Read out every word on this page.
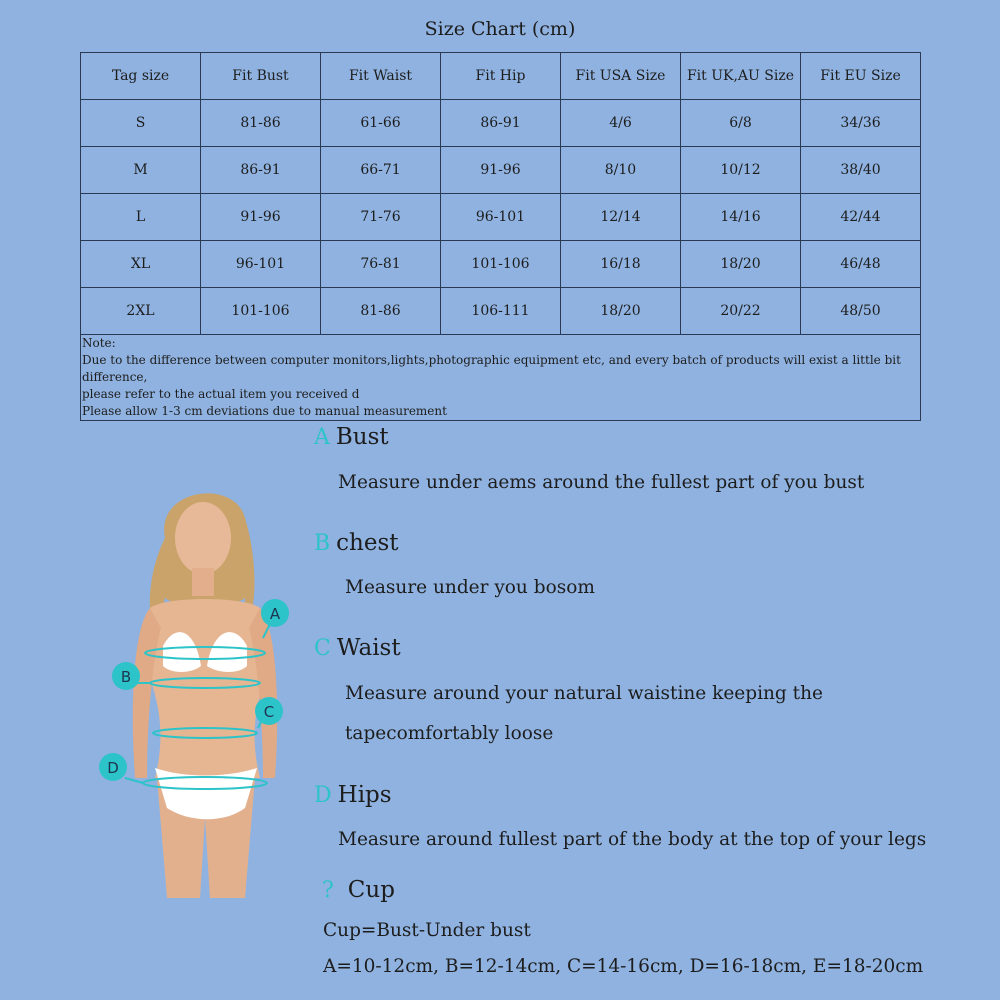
Size Chart (cm)
Tag size	Fit Bust	Fit Waist	Fit Hip	Fit USA Size	Fit UK,AU Size	Fit EU Size
S	81-86	61-66	86-91	4/6	6/8	34/36
M	86-91	66-71	91-96	8/10	10/12	38/40
L	91-96	71-76	96-101	12/14	14/16	42/44
XL	96-101	76-81	101-106	16/18	18/20	46/48
2XL	101-106	81-86	106-111	18/20	20/22	48/50

Note:
Due to the difference between computer monitors,lights,photographic equipment etc, and every batch of products will exist a little bit difference,
please refer to the actual item you received d
Please allow 1-3 cm deviations due to manual measurement						
A
B
C
D
A Bust
Measure under aems around the fullest part of you bust
B chest
Measure under you bosom
C Waist
Measure around your natural waistine keeping the
tapecomfortably loose
D Hips
Measure around fullest part of the body at the top of your legs
? Cup
Cup=Bust-Under bust
A=10-12cm, B=12-14cm, C=14-16cm, D=16-18cm, E=18-20cm
